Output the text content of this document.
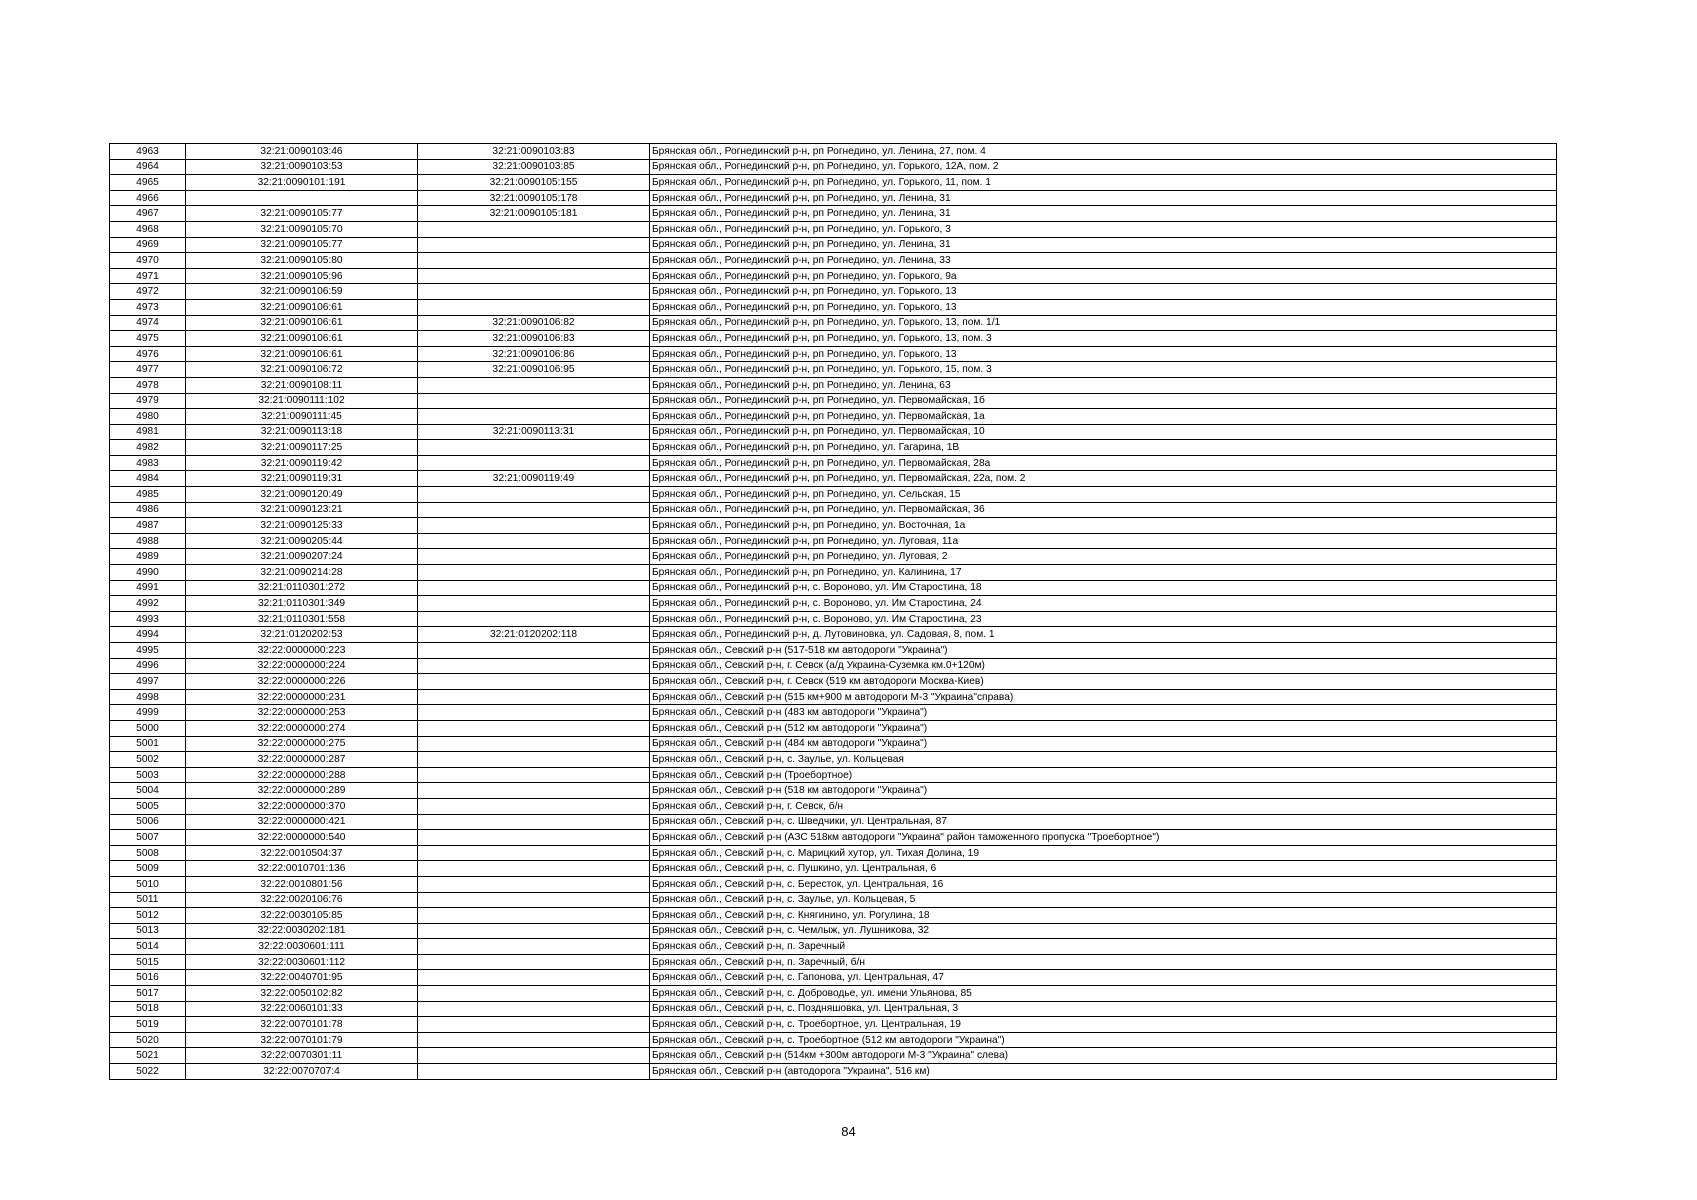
4963	32:21:0090103:46	32:21:0090103:83	Брянская обл., Рогнединский р-н, рп Рогнедино, ул. Ленина, 27, пом. 4
4964	32:21:0090103:53	32:21:0090103:85	Брянская обл., Рогнединский р-н, рп Рогнедино, ул. Горького, 12А, пом. 2
4965	32:21:0090101:191	32:21:0090105:155	Брянская обл., Рогнединский р-н, рп Рогнедино, ул. Горького, 11, пом. 1
4966		32:21:0090105:178	Брянская обл., Рогнединский р-н, рп Рогнедино, ул. Ленина, 31
4967	32:21:0090105:77	32:21:0090105:181	Брянская обл., Рогнединский р-н, рп Рогнедино, ул. Ленина, 31
4968	32:21:0090105:70		Брянская обл., Рогнединский р-н, рп Рогнедино, ул. Горького, 3
4969	32:21:0090105:77		Брянская обл., Рогнединский р-н, рп Рогнедино, ул. Ленина, 31
4970	32:21:0090105:80		Брянская обл., Рогнединский р-н, рп Рогнедино, ул. Ленина, 33
4971	32:21:0090105:96		Брянская обл., Рогнединский р-н, рп Рогнедино, ул. Горького, 9а
4972	32:21:0090106:59		Брянская обл., Рогнединский р-н, рп Рогнедино, ул. Горького, 13
4973	32:21:0090106:61		Брянская обл., Рогнединский р-н, рп Рогнедино, ул. Горького, 13
4974	32:21:0090106:61	32:21:0090106:82	Брянская обл., Рогнединский р-н, рп Рогнедино, ул. Горького, 13, пом. 1/1
4975	32:21:0090106:61	32:21:0090106:83	Брянская обл., Рогнединский р-н, рп Рогнедино, ул. Горького, 13, пом. 3
4976	32:21:0090106:61	32:21:0090106:86	Брянская обл., Рогнединский р-н, рп Рогнедино, ул. Горького, 13
4977	32:21:0090106:72	32:21:0090106:95	Брянская обл., Рогнединский р-н, рп Рогнедино, ул. Горького, 15, пом. 3
4978	32:21:0090108:11		Брянская обл., Рогнединский р-н, рп Рогнедино, ул. Ленина, 63
4979	32:21:0090111:102		Брянская обл., Рогнединский р-н, рп Рогнедино, ул. Первомайская, 1б
4980	32:21:0090111:45		Брянская обл., Рогнединский р-н, рп Рогнедино, ул. Первомайская, 1а
4981	32:21:0090113:18	32:21:0090113:31	Брянская обл., Рогнединский р-н, рп Рогнедино, ул. Первомайская, 10
4982	32:21:0090117:25		Брянская обл., Рогнединский р-н, рп Рогнедино, ул. Гагарина, 1В
4983	32:21:0090119:42		Брянская обл., Рогнединский р-н, рп Рогнедино, ул. Первомайская, 28а
4984	32:21:0090119:31	32:21:0090119:49	Брянская обл., Рогнединский р-н, рп Рогнедино, ул. Первомайская, 22а, пом. 2
4985	32:21:0090120:49		Брянская обл., Рогнединский р-н, рп Рогнедино, ул. Сельская, 15
4986	32:21:0090123:21		Брянская обл., Рогнединский р-н, рп Рогнедино, ул. Первомайская, 36
4987	32:21:0090125:33		Брянская обл., Рогнединский р-н, рп Рогнедино, ул. Восточная, 1а
4988	32:21:0090205:44		Брянская обл., Рогнединский р-н, рп Рогнедино, ул. Луговая, 11а
4989	32:21:0090207:24		Брянская обл., Рогнединский р-н, рп Рогнедино, ул. Луговая, 2
4990	32:21:0090214:28		Брянская обл., Рогнединский р-н, рп Рогнедино, ул. Калинина, 17
4991	32:21:0110301:272		Брянская обл., Рогнединский р-н, с. Вороново, ул. Им Старостина, 18
4992	32:21:0110301:349		Брянская обл., Рогнединский р-н, с. Вороново, ул. Им Старостина, 24
4993	32:21:0110301:558		Брянская обл., Рогнединский р-н, с. Вороново, ул. Им Старостина, 23
4994	32:21:0120202:53	32:21:0120202:118	Брянская обл., Рогнединский р-н, д. Лутовиновка, ул. Садовая, 8, пом. 1
4995	32:22:0000000:223		Брянская обл., Севский р-н (517-518 км автодороги "Украина")
4996	32:22:0000000:224		Брянская обл., Севский р-н, г. Севск (а/д Украина-Суземка км.0+120м)
4997	32:22:0000000:226		Брянская обл., Севский р-н, г. Севск (519 км автодороги Москва-Киев)
4998	32:22:0000000:231		Брянская обл., Севский р-н (515 км+900 м автодороги М-3 "Украина"справа)
4999	32:22:0000000:253		Брянская обл., Севский р-н (483 км автодороги "Украина")
5000	32:22:0000000:274		Брянская обл., Севский р-н (512 км автодороги "Украина")
5001	32:22:0000000:275		Брянская обл., Севский р-н (484 км автодороги "Украина")
5002	32:22:0000000:287		Брянская обл., Севский р-н, с. Заулье, ул. Кольцевая
5003	32:22:0000000:288		Брянская обл., Севский р-н (Троебортное)
5004	32:22:0000000:289		Брянская обл., Севский р-н (518 км автодороги "Украина")
5005	32:22:0000000:370		Брянская обл., Севский р-н, г. Севск, б/н
5006	32:22:0000000:421		Брянская обл., Севский р-н, с. Шведчики, ул. Центральная, 87
5007	32:22:0000000:540		Брянская обл., Севский р-н (АЗС 518км автодороги "Украина" район таможенного пропуска "Троебортное")
5008	32:22:0010504:37		Брянская обл., Севский р-н, с. Марицкий хутор, ул. Тихая Долина, 19
5009	32:22:0010701:136		Брянская обл., Севский р-н, с. Пушкино, ул. Центральная, 6
5010	32:22:0010801:56		Брянская обл., Севский р-н, с. Бересток, ул. Центральная, 16
5011	32:22:0020106:76		Брянская обл., Севский р-н, с. Заулье, ул. Кольцевая, 5
5012	32:22:0030105:85		Брянская обл., Севский р-н, с. Княгинино, ул. Рогулина, 18
5013	32:22:0030202:181		Брянская обл., Севский р-н, с. Чемлыж, ул. Лушникова, 32
5014	32:22:0030601:111		Брянская обл., Севский р-н, п. Заречный
5015	32:22:0030601:112		Брянская обл., Севский р-н, п. Заречный, б/н
5016	32:22:0040701:95		Брянская обл., Севский р-н, с. Гапонова, ул. Центральная, 47
5017	32:22:0050102:82		Брянская обл., Севский р-н, с. Доброводье, ул. имени Ульянова, 85
5018	32:22:0060101:33		Брянская обл., Севский р-н, с. Поздняшовка, ул. Центральная, 3
5019	32:22:0070101:78		Брянская обл., Севский р-н, с. Троебортное, ул. Центральная, 19
5020	32:22:0070101:79		Брянская обл., Севский р-н, с. Троебортное (512 км автодороги "Украина")
5021	32:22:0070301:11		Брянская обл., Севский р-н (514км +300м автодороги М-3 "Украина" слева)
5022	32:22:0070707:4		Брянская обл., Севский р-н (автодорога "Украина", 516 км)
84
